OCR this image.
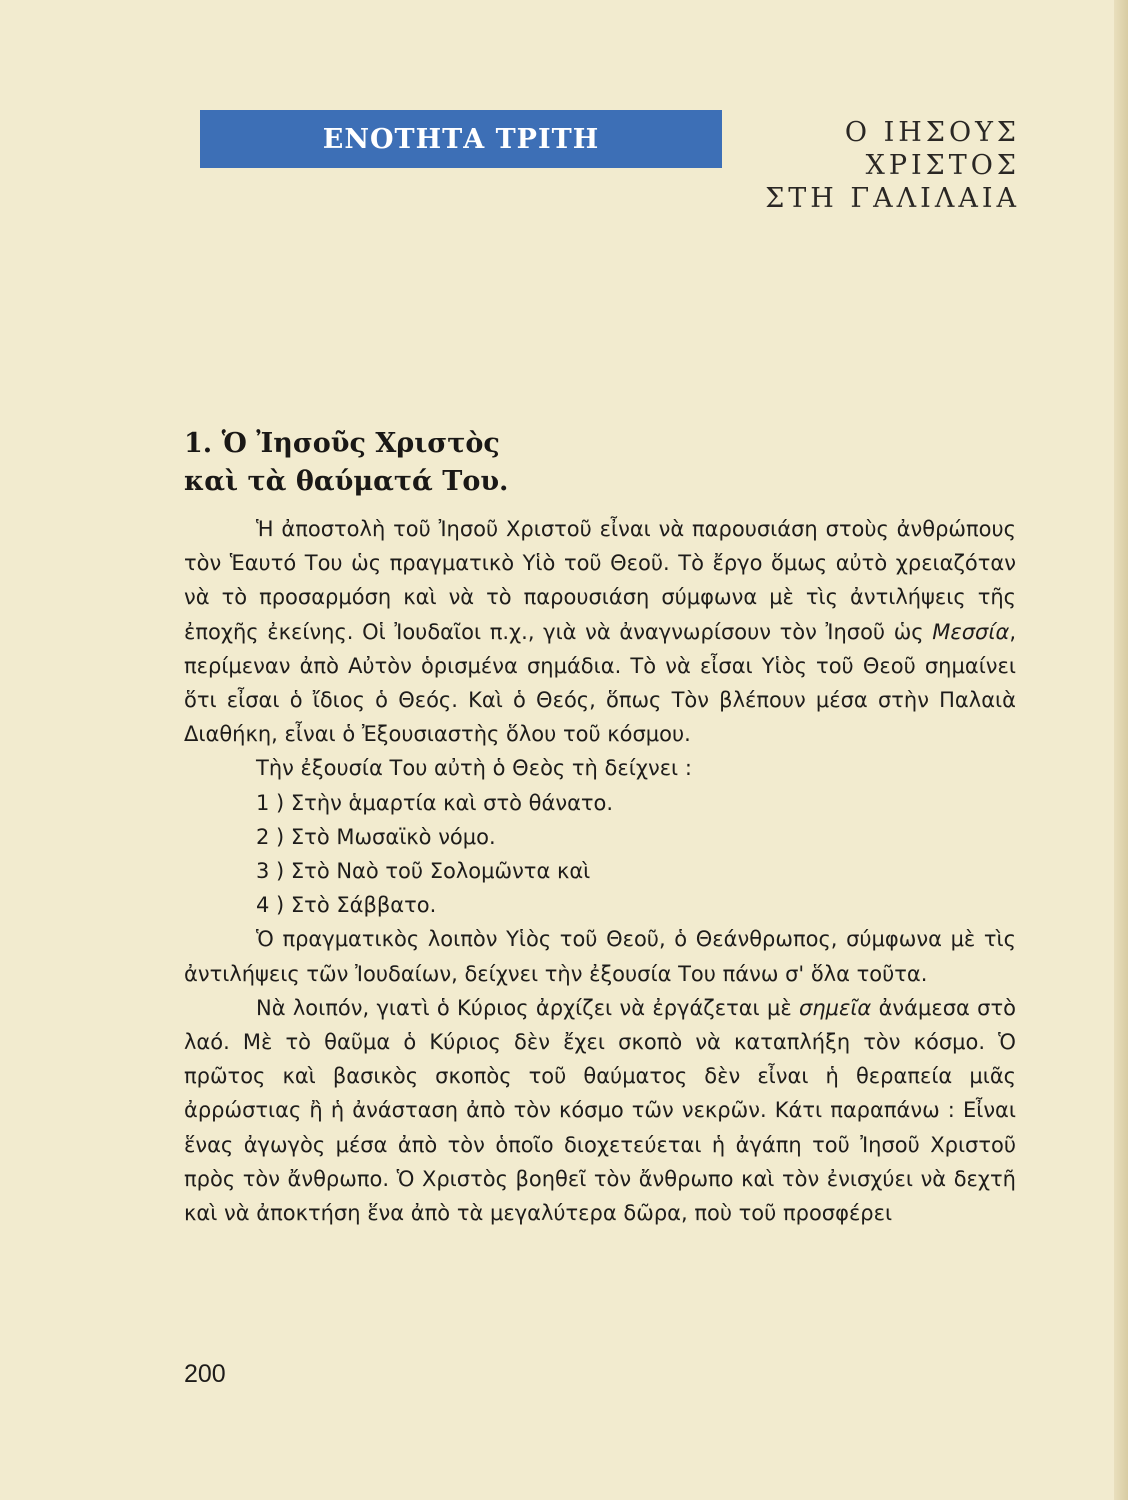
ΕΝΟΤΗΤΑ ΤΡΙΤΗ	Ο ΙΗΣΟΥΣ
ΧΡΙΣΤΟΣ
ΣΤΗ ΓΑΛΙΛΑΙΑ
1. Ὁ Ἰησοῦς Χριστὸς
καὶ τὰ θαύματά Του.

Ἡ ἀποστολὴ τοῦ Ἰησοῦ Χριστοῦ εἶναι νὰ παρουσιάση στοὺς ἀνθρώπους τὸν Ἑαυτό Του ὡς πραγματικὸ Υἱὸ τοῦ Θεοῦ. Τὸ ἔργο ὅμως αὐτὸ χρειαζόταν νὰ τὸ προσαρμόση καὶ νὰ τὸ παρουσιάση σύμφωνα μὲ τὶς ἀντιλήψεις τῆς ἐποχῆς ἐκείνης. Οἱ Ἰουδαῖοι π.χ., γιὰ νὰ ἀναγνωρίσουν τὸν Ἰησοῦ ὡς Μεσσία, περίμεναν ἀπὸ Αὐτὸν ὁρισμένα σημάδια. Τὸ νὰ εἶσαι Υἱὸς τοῦ Θεοῦ σημαίνει ὅτι εἶσαι ὁ ἴδιος ὁ Θεός. Καὶ ὁ Θεός, ὅπως Τὸν βλέπουν μέσα στὴν Παλαιὰ Διαθήκη, εἶναι ὁ Ἐξουσιαστὴς ὅλου τοῦ κόσμου.

Τὴν ἐξουσία Του αὐτὴ ὁ Θεὸς τὴ δείχνει :

1 ) Στὴν ἁμαρτία καὶ στὸ θάνατο.
2 ) Στὸ Μωσαϊκὸ νόμο.
3 ) Στὸ Ναὸ τοῦ Σολομῶντα καὶ
4 ) Στὸ Σάββατο.

Ὁ πραγματικὸς λοιπὸν Υἱὸς τοῦ Θεοῦ, ὁ Θεάνθρωπος, σύμφωνα μὲ τὶς ἀντιλήψεις τῶν Ἰουδαίων, δείχνει τὴν ἐξουσία Του πάνω σ' ὅλα τοῦτα.

Νὰ λοιπόν, γιατὶ ὁ Κύριος ἀρχίζει νὰ ἐργάζεται μὲ σημεῖα ἀνάμεσα στὸ λαό. Μὲ τὸ θαῦμα ὁ Κύριος δὲν ἔχει σκοπὸ νὰ καταπλήξη τὸν κόσμο. Ὁ πρῶτος καὶ βασικὸς σκοπὸς τοῦ θαύματος δὲν εἶναι ἡ θεραπεία μιᾶς ἀρρώστιας ἢ ἡ ἀνάσταση ἀπὸ τὸν κόσμο τῶν νεκρῶν. Κάτι παραπάνω : Εἶναι ἕνας ἀγωγὸς μέσα ἀπὸ τὸν ὁποῖο διοχετεύεται ἡ ἀγάπη τοῦ Ἰησοῦ Χριστοῦ πρὸς τὸν ἄνθρωπο. Ὁ Χριστὸς βοηθεῖ τὸν ἄνθρωπο καὶ τὸν ἐνισχύει νὰ δεχτῆ καὶ νὰ ἀποκτήση ἕνα ἀπὸ τὰ μεγαλύτερα δῶρα, ποὺ τοῦ προσφέρει

200
